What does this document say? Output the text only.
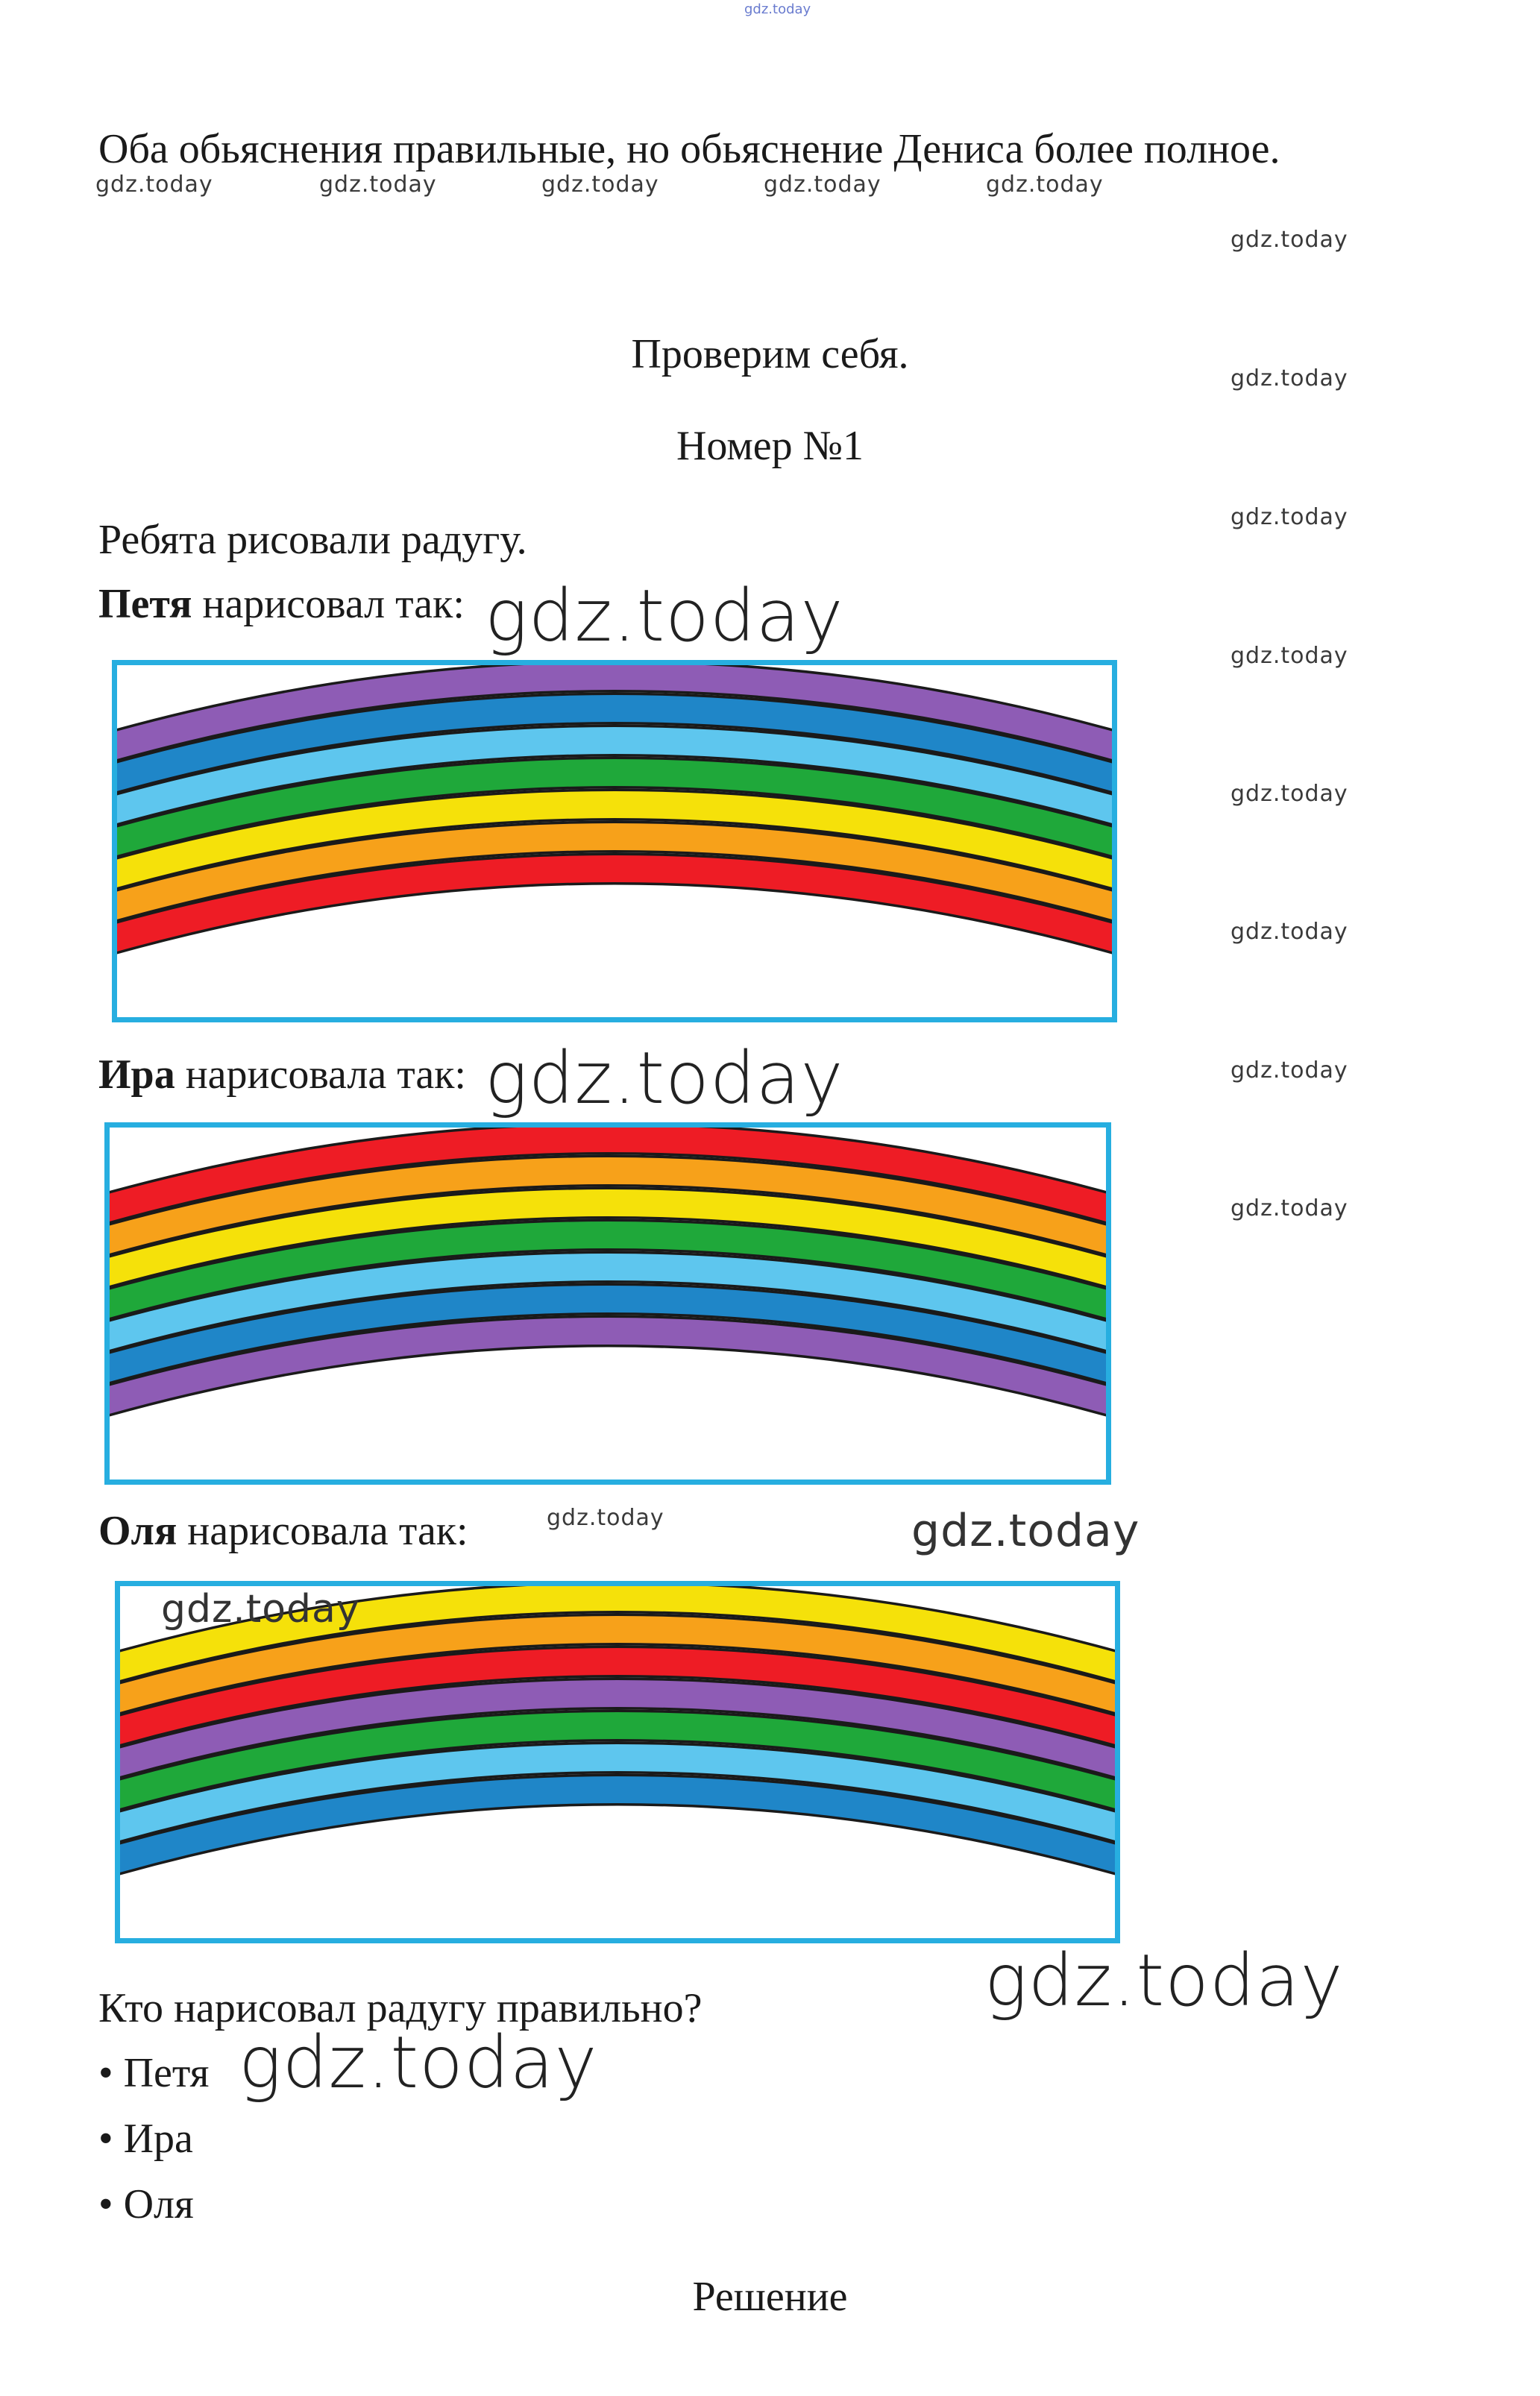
gdz.today
Оба обьяснения правильные, но обьяснение Дениса более полное.
gdz.today	gdz.today	gdz.today	gdz.today	gdz.today
gdz.today
gdz.today
gdz.today
gdz.today
gdz.today
gdz.today
gdz.today
gdz.today
Проверим себя.
Номер №1
Ребята рисовали радугу.
Петя нарисовал так: gdz.today
Ира нарисовала так: gdz.today
Оля нарисовала так:	gdz.today	gdz.today
gdz.today
gdz.today
Кто нарисовал радугу правильно?
• Петя gdz.today
• Ира
• Оля
Решение
